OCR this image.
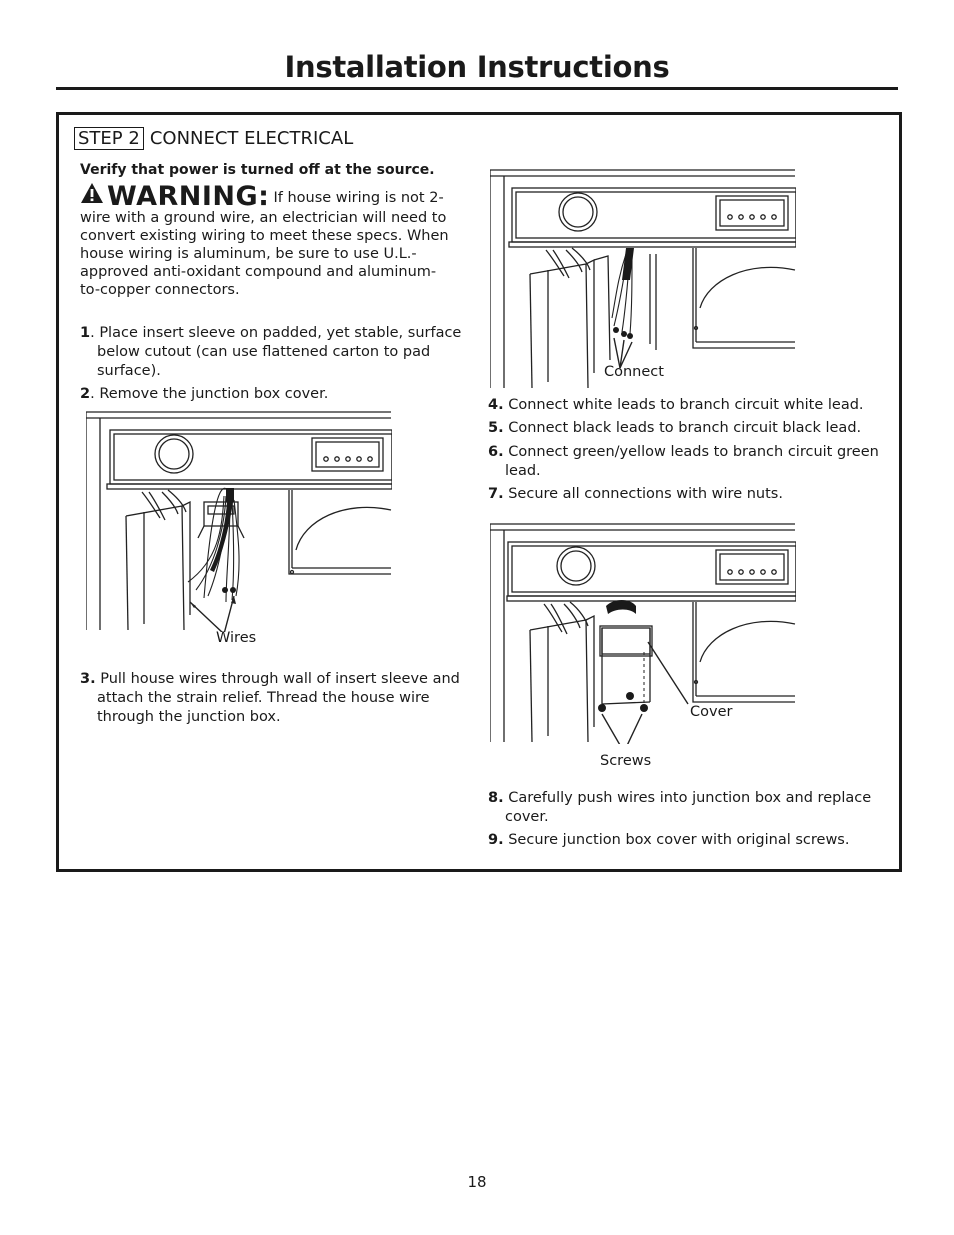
Installation Instructions
STEP 2 CONNECT ELECTRICAL
Verify that power is turned off at the source.
WARNING: If house wiring is not 2-wire with a ground wire, an electrician will need to convert existing wiring to meet these specs. When house wiring is aluminum, be sure to use U.L.-approved anti-oxidant compound and aluminum-to-copper connectors.
1. Place insert sleeve on padded, yet stable, surface below cutout (can use flattened carton to pad surface).
2. Remove the junction box cover.
3. Pull house wires through wall of insert sleeve and attach the strain relief. Thread the house wire through the junction box.
4. Connect white leads to branch circuit white lead.
5. Connect black leads to branch circuit black lead.
6. Connect green/yellow leads to branch circuit green lead.
7. Secure all connections with wire nuts.
8. Carefully push wires into junction box and replace cover.
9. Secure junction box cover with original screws.
Wires
Connect
Cover
Screws
18
